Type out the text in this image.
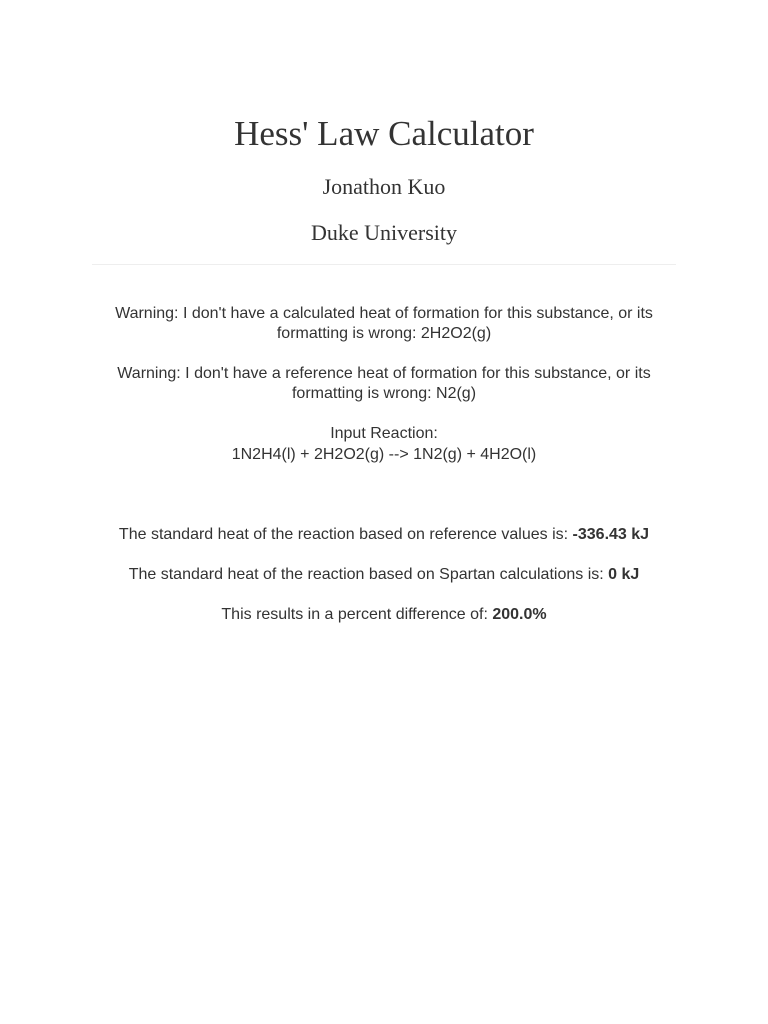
Hess' Law Calculator
Jonathon Kuo
Duke University

Warning: I don't have a calculated heat of formation for this substance, or its formatting is wrong: 2H2O2(g)

Warning: I don't have a reference heat of formation for this substance, or its formatting is wrong: N2(g)

Input Reaction:

1N2H4(l) + 2H2O2(g) --> 1N2(g) + 4H2O(l)

The standard heat of the reaction based on reference values is: -336.43 kJ

The standard heat of the reaction based on Spartan calculations is: 0 kJ

This results in a percent difference of: 200.0%
